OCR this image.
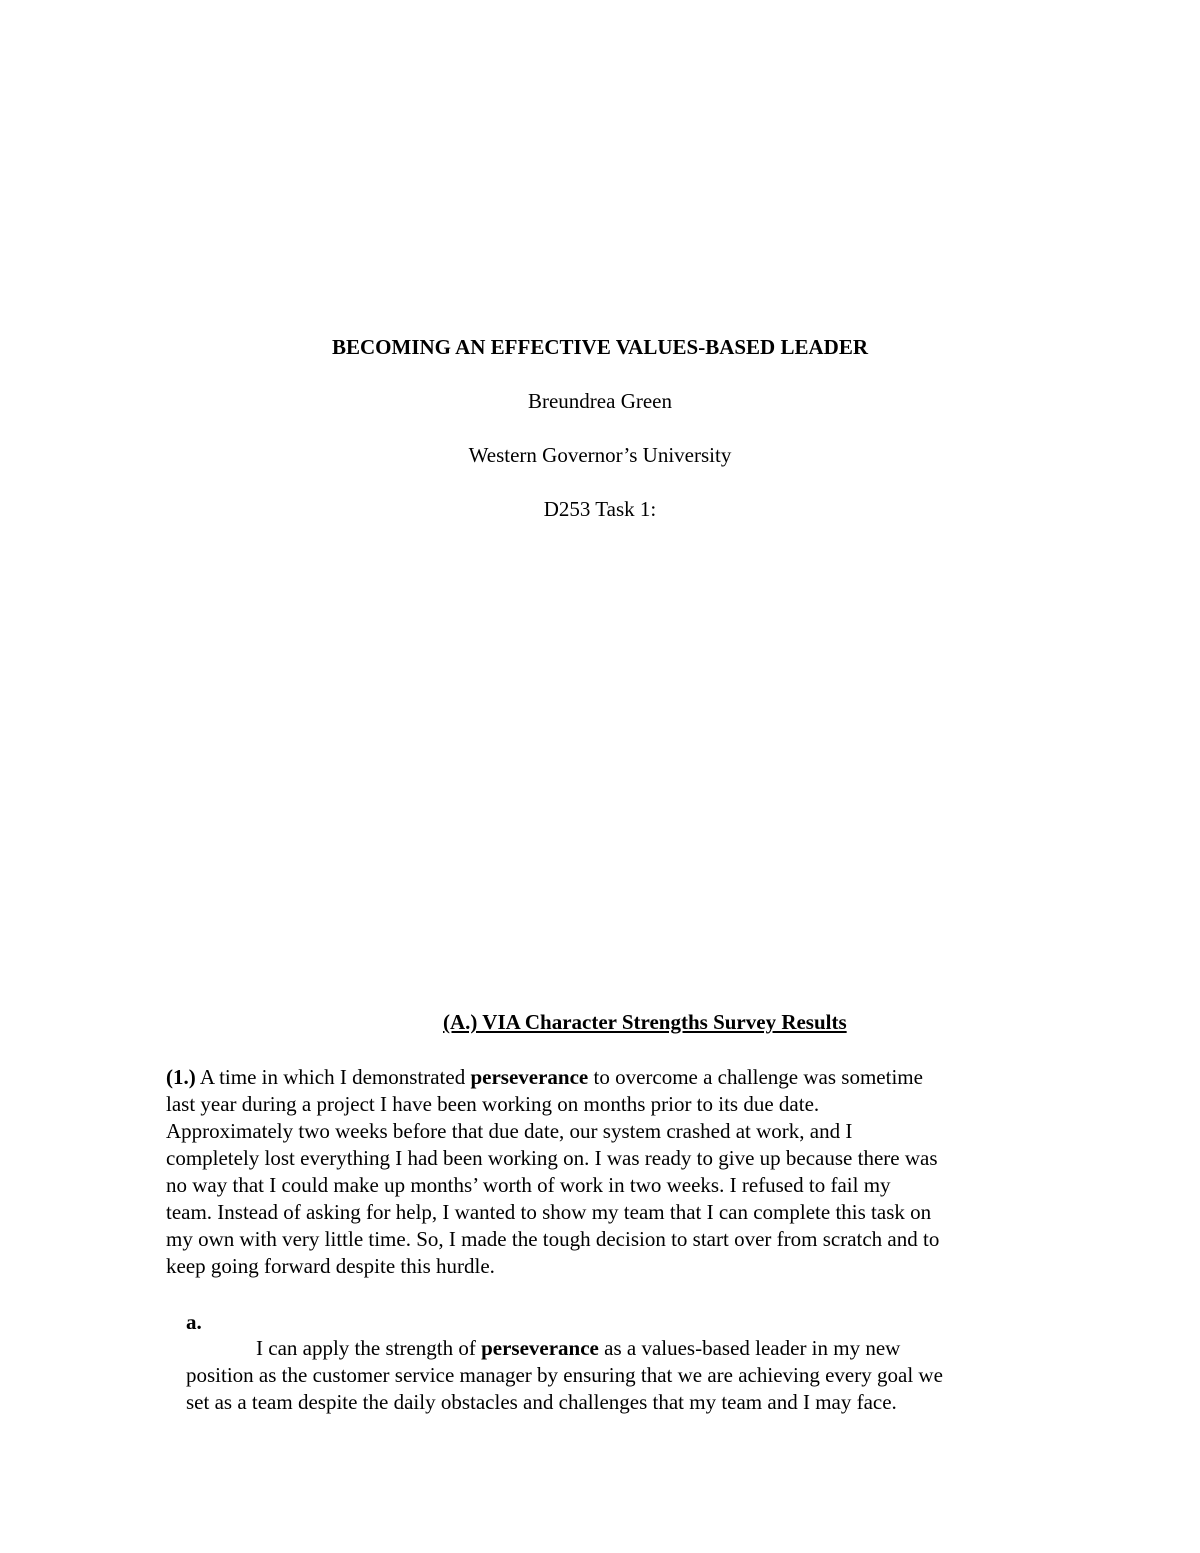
BECOMING AN EFFECTIVE VALUES-BASED LEADER
Breundrea Green
Western Governor’s University
D253 Task 1:
(A.) VIA Character Strengths Survey Results
(1.) A time in which I demonstrated perseverance to overcome a challenge was sometime
last year during a project I have been working on months prior to its due date.
Approximately two weeks before that due date, our system crashed at work, and I
completely lost everything I had been working on. I was ready to give up because there was
no way that I could make up months’ worth of work in two weeks. I refused to fail my
team. Instead of asking for help, I wanted to show my team that I can complete this task on
my own with very little time. So, I made the tough decision to start over from scratch and to
keep going forward despite this hurdle.
a.
I can apply the strength of perseverance as a values-based leader in my new
position as the customer service manager by ensuring that we are achieving every goal we
set as a team despite the daily obstacles and challenges that my team and I may face.
